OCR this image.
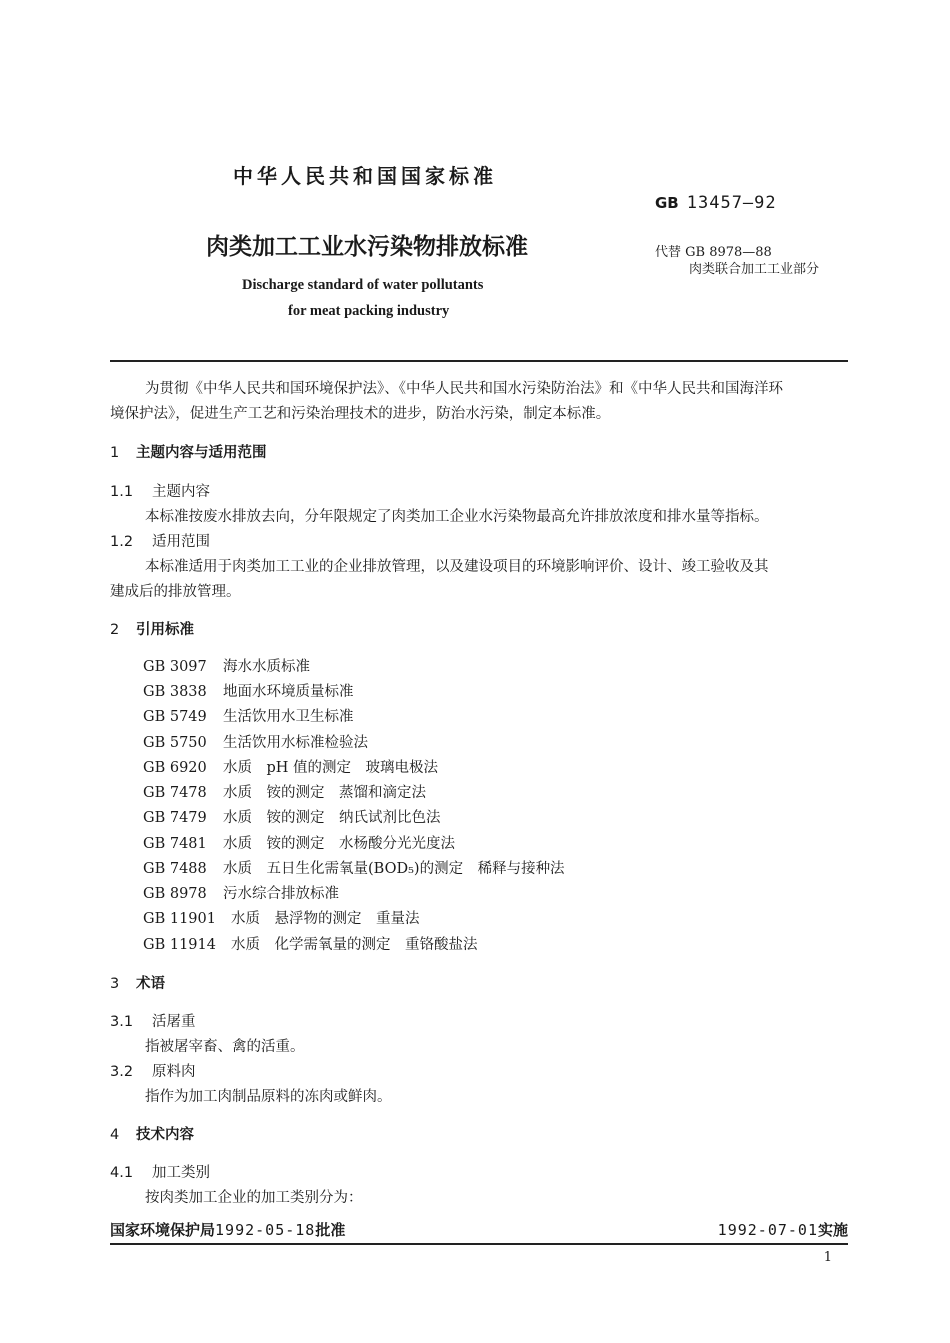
中华人民共和国国家标准
GB 13457—92
肉类加工工业水污染物排放标准	代替 GB 8978—88
肉类联合加工工业部分
Discharge standard of water pollutants
for meat packing industry
为贯彻《中华人民共和国环境保护法》、《中华人民共和国水污染防治法》和《中华人民共和国海洋环
境保护法》，促进生产工艺和污染治理技术的进步，防治水污染，制定本标准。
1 主题内容与适用范围
1.1 主题内容
本标准按废水排放去向，分年限规定了肉类加工企业水污染物最高允许排放浓度和排水量等指标。
1.2 适用范围
本标准适用于肉类加工工业的企业排放管理，以及建设项目的环境影响评价、设计、竣工验收及其
建成后的排放管理。
2 引用标准
GB 3097 海水水质标准
GB 3838 地面水环境质量标准
GB 5749 生活饮用水卫生标准
GB 5750 生活饮用水标准检验法
GB 6920 水质　pH 值的测定　玻璃电极法
GB 7478 水质　铵的测定　蒸馏和滴定法
GB 7479 水质　铵的测定　纳氏试剂比色法
GB 7481 水质　铵的测定　水杨酸分光光度法
GB 7488 水质　五日生化需氧量(BOD₅)的测定　稀释与接种法
GB 8978 污水综合排放标准
GB 11901 水质　悬浮物的测定　重量法
GB 11914 水质　化学需氧量的测定　重铬酸盐法
3 术语
3.1 活屠重
指被屠宰畜、禽的活重。
3.2 原料肉
指作为加工肉制品原料的冻肉或鲜肉。
4 技术内容
4.1 加工类别
按肉类加工企业的加工类别分为：
国家环境保护局1992-05-18批准	1992-07-01实施
1
